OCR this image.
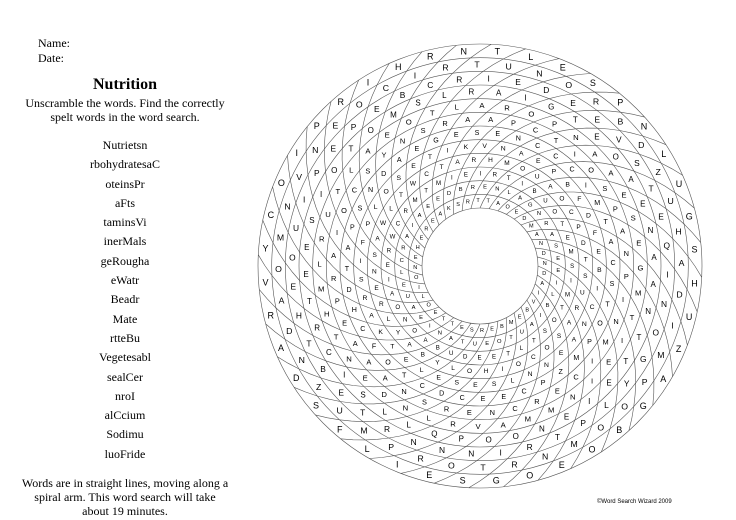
Name:
Date:
Nutrition
Unscramble the words. Find the correctly spelt words in the word search.
Nutrietsn
rbohydratesaC
oteinsPr
aFts
taminsVi
inerMals
geRougha
eWatr
Beadr
Mate
rtteBu
Vegetesabl
sealCer
nroI
alCcium
Sodimu
luoFride
Words are in straight lines, moving along a spiral arm. This word search will take about 19 minutes.
E
O
G
S
E
I
L
F
S
D
A
R
V
Y
C
O
I
P
R
I
H
R
N	T
L
E
S
P
N
L
U
G
S
H
U
Z
A
G
B
O
M
N
R
T
O
R
P
M
U
Z
N
D
A
O
M
N
V
N
E
O
C
I
R	T	U
N
O
R
B
D
Z
U
H
A
D
I
M
P
O
O
P
T
R
I
N
N
N
R
T
E
B
T
H
E
O
U
I
P
E
P
E
B
C
R	I	E
D
E
E
V
S
T
E
Q
I
N
O
G
Y
L
I
E
N
O
O
P
Q
L
L
S
I
C
R
T
E
E
S
I
O
T
O
M
S
L	R	A
I
G
T
E
O
A
E
N
A
A
N
T
T
E
I
N
M
M
A
V
R
L
N
D
E
N
T
H
M
L
R
U
T
L
A
E
O
T
L	A	R
O
P
N
A
A
E
S
E
G
M
T
I
E
I
C
E
R
C
N
E
R
S
N
A
A
A
E
P
R
A
I
O
C
S
Y
N
S
R A A P
C
T
I
O
S
P
A
N
P
I
N
M
P
M
Z
P
C
E
E
C
D
C
T
O
F
C
H
D
T
A
P
S
N
D
A
E
G
E S E
N
C
C
C
I
M
T
A
C
S
T
O
N
A
E
N
N
L
S
E
S
E
L
E
T
K
A
R
S
I
F
P
L
O
S
E
T
I
K V N
A
E
P
B
F
D
F
E
B
I
C
R
A
S
O
C
O
I
H
O
L
Y
B
A
Y
L
R
E
N
S
A
W
L
T
W
C
T
A R H M
O
U
A
O
C
P
D
T
S
U
M
T
O
S
T
L
T
E
E
D
U
B
A
O
N
O
A
I
E
R
W
C
R
M
T
M
I E I R T
I
B
U
O
T
E
M
S
I
I
L
B
I
A
U
T
O
E
U
T
A
N
I
E
A
U
E
L
C
R
A
I
A
E
E
D
B R E N
L
A
G
N
R
A
S
E
E
D
A
I
V
B
E
M
B
E
R
S
E
T
T
E
O
L
I
O
N
E
H
E
R
E
A
K
S R T T A
O
E
D
M
A
N
D
N
©Word Search Wizard 2009
